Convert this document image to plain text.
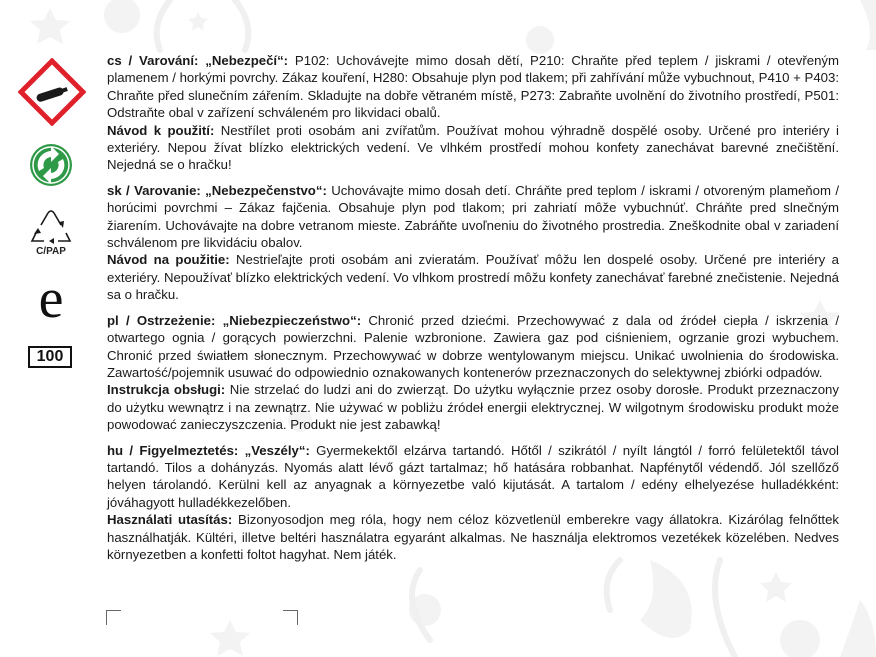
C/PAP
e
100

cs / Varování: „Nebezpečí“: P102: Uchovávejte mimo dosah dětí, P210: Chraňte před teplem / jiskrami / otevřeným plamenem / horkými povrchy. Zákaz kouření, H280: Obsahuje plyn pod tlakem; při zahřívání může vybuchnout, P410 + P403: Chraňte před slunečním zářením. Skladujte na dobře větraném místě, P273: Zabraňte uvolnění do životního prostředí, P501: Odstraňte obal v zařízení schváleném pro likvidaci obalů.

Návod k použití: Nestřílet proti osobám ani zvířatům. Používat mohou výhradně dospělé osoby. Určené pro interiéry i exteriéry. Nepou žívat blízko elektrických vedení. Ve vlhkém prostředí mohou konfety zanechávat barevné znečištění. Nejedná se o hračku!

sk / Varovanie: „Nebezpečenstvo“: Uchovávajte mimo dosah detí. Chráňte pred teplom / iskrami / otvoreným plameňom / horúcimi povrchmi – Zákaz fajčenia. Obsahuje plyn pod tlakom; pri zahriatí môže vybuchnúť. Chráňte pred slnečným žiarením. Uchovávajte na dobre vetranom mieste. Zabráňte uvoľneniu do životného prostredia. Zneškodnite obal v zariadení schválenom pre likvidáciu obalov.

Návod na použitie: Nestrieľajte proti osobám ani zvieratám. Používať môžu len dospelé osoby. Určené pre interiéry a exteriéry. Nepoužívať blízko elektrických vedení. Vo vlhkom prostredí môžu konfety zanechávať farebné znečistenie. Nejedná sa o hračku.

pl / Ostrzeżenie: „Niebezpieczeństwo“: Chronić przed dziećmi. Przechowywać z dala od źródeł ciepła / iskrzenia / otwartego ognia / gorących powierzchni. Palenie wzbronione. Zawiera gaz pod ciśnieniem, ogrzanie grozi wybuchem. Chronić przed światłem słonecznym. Przechowywać w dobrze wentylowanym miejscu. Unikać uwolnienia do środowiska. Zawartość/pojemnik usuwać do odpowiednio oznakowanych kontenerów przeznaczonych do selektywnej zbiórki odpadów.

Instrukcja obsługi: Nie strzelać do ludzi ani do zwierząt. Do użytku wyłącznie przez osoby dorosłe. Produkt przeznaczony do użytku wewnątrz i na zewnątrz. Nie używać w pobliżu źródeł energii elektrycznej. W wilgotnym środowisku produkt może powodować zanieczyszczenia. Produkt nie jest zabawką!

hu / Figyelmeztetés: „Veszély“: Gyermekektől elzárva tartandó. Hőtől / szikrától / nyílt lángtól / forró felületektől távol tartandó. Tilos a dohányzás. Nyomás alatt lévő gázt tartalmaz; hő hatására robbanhat. Napfénytől védendő. Jól szellőző helyen tárolandó. Kerülni kell az anyagnak a környezetbe való kijutását. A tartalom / edény elhelyezése hulladékként: jóváhagyott hulladékkezelőben.

Használati utasítás: Bizonyosodjon meg róla, hogy nem céloz közvetlenül emberekre vagy állatokra. Kizárólag felnőttek használhatják. Kültéri, illetve beltéri használatra egyaránt alkalmas. Ne használja elektromos vezetékek közelében. Nedves környezetben a konfetti foltot hagyhat. Nem játék.
